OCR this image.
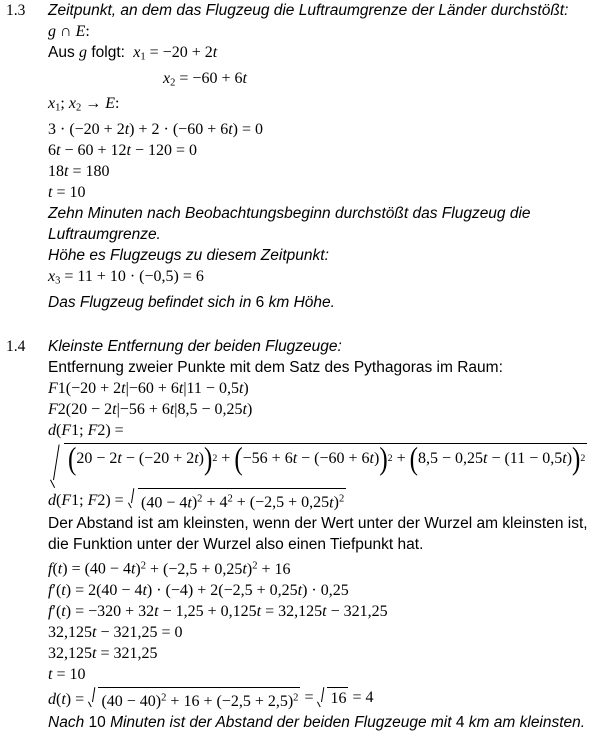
1.3	Zeitpunkt, an dem das Flugzeug die Luftraumgrenze der Länder durchstößt:
g ∩ E:
Aus g folgt: $x_1 = -20 + 2t$
$x_2 = -60 + 6t$
$x_1$; $x_2 \to E$:
3 · (−20 + 2t) + 2 · (−60 + 6t) = 0
6t − 60 + 12t − 120 = 0
18t = 180
t = 10
Zehn Minuten nach Beobachtungsbeginn durchstößt das Flugzeug die Luftraumgrenze.
Höhe es Flugzeugs zu diesem Zeitpunkt:
$x_3 = 11 + 10 \cdot (-0,5) = 6$
Das Flugzeug befindet sich in 6 km Höhe.
1.4	Kleinste Entfernung der beiden Flugzeuge:
Entfernung zweier Punkte mit dem Satz des Pythagoras im Raum:
F1(−20 + 2t|−60 + 6t|11 − 0,5t)
F2(20 − 2t|−56 + 6t|8,5 − 0,25t)
d(F1; F2) =
( 20 − 2t − (−20 + 2t) ) 2 + ( −56 + 6t − (−60 + 6t) ) 2 + ( 8,5 − 0,25t − (11 − 0,5t) ) 2
d(F1; $F2) = (40 - 4t)^2 + 4^2 + (-2,5 + 0,25t)^2$
Der Abstand ist am kleinsten, wenn der Wert unter der Wurzel am kleinsten ist, die Funktion unter der Wurzel also einen Tiefpunkt hat.
$f(t) = (40 - 4t)^2 + (-2,5 + 0,25t)^2 + 16$
f′(t) = 2(40 − 4t) · (−4) + 2(−2,5 + 0,25t) · 0,25
f′(t) = −320 + 32t − 1,25 + 0,125t = 32,125t − 321,25
32,125t − 321,25 = 0
32,125t = 321,25
t = 10
$d(t) = (40 - 40)^2 + 16 + (-2,5 + 2,5)^2 = 16 = 4$
Nach 10 Minuten ist der Abstand der beiden Flugzeuge mit 4 km am kleinsten.
